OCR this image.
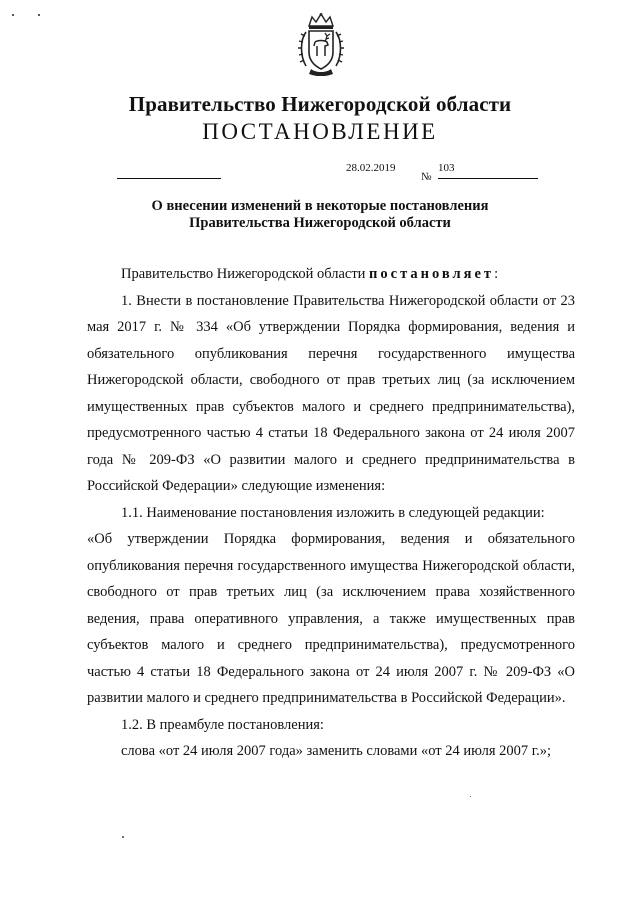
Правительство Нижегородской области
ПОСТАНОВЛЕНИЕ
28.02.2019
№
103
О внесении изменений в некоторые постановления
Правительства Нижегородской области

Правительство Нижегородской области постановляет:

1. Внести в постановление Правительства Нижегородской области от 23 мая 2017 г. № 334 «Об утверждении Порядка формирования, ведения и обязательного опубликования перечня государственного имущества Нижегородской области, свободного от прав третьих лиц (за исключением имущественных прав субъектов малого и среднего предпринимательства), предусмотренного частью 4 статьи 18 Федерального закона от 24 июля 2007 года № 209-ФЗ «О развитии малого и среднего предпринимательства в Российской Федерации» следующие изменения:

1.1. Наименование постановления изложить в следующей редакции:

«Об утверждении Порядка формирования, ведения и обязательного опубликования перечня государственного имущества Нижегородской области, свободного от прав третьих лиц (за исключением права хозяйственного ведения, права оперативного управления, а также имущественных прав субъектов малого и среднего предпринимательства), предусмотренного частью 4 статьи 18 Федерального закона от 24 июля 2007 г. № 209-ФЗ «О развитии малого и среднего предпринимательства в Российской Федерации».

1.2. В преамбуле постановления:

слова «от 24 июля 2007 года» заменить словами «от 24 июля 2007 г.»;
